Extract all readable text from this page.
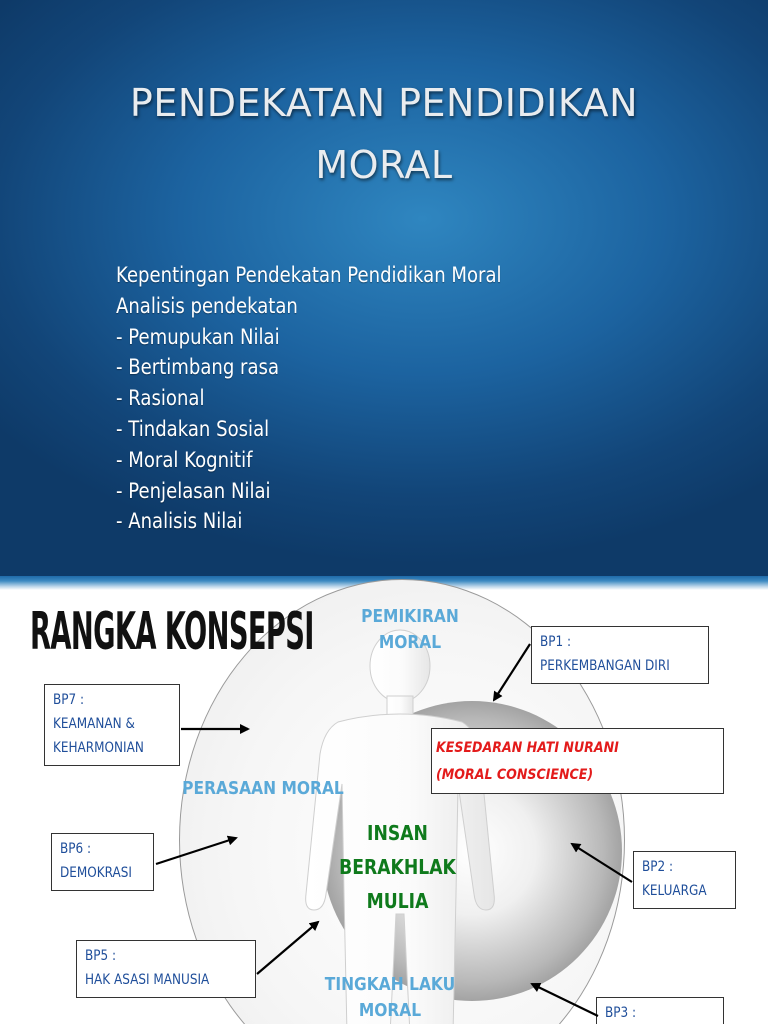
PENDEKATAN PENDIDIKAN
MORAL
Kepentingan Pendekatan Pendidikan Moral
Analisis pendekatan
- Pemupukan Nilai
- Bertimbang rasa
- Rasional
- Tindakan Sosial
- Moral Kognitif
- Penjelasan Nilai
- Analisis Nilai
RANGKA KONSEPSI	PEMIKIRAN
MORAL
PERASAAN MORAL
TINGKAH LAKU
MORAL
INSAN
BERAKHLAK
MULIA
KESEDARAN HATI NURANI
(MORAL CONSCIENCE)
BP1 :
PERKEMBANGAN DIRI
BP2 :
KELUARGA
BP3 :
BP5 :
HAK ASASI MANUSIA
BP6 :
DEMOKRASI
BP7 :
KEAMANAN &
KEHARMONIAN
